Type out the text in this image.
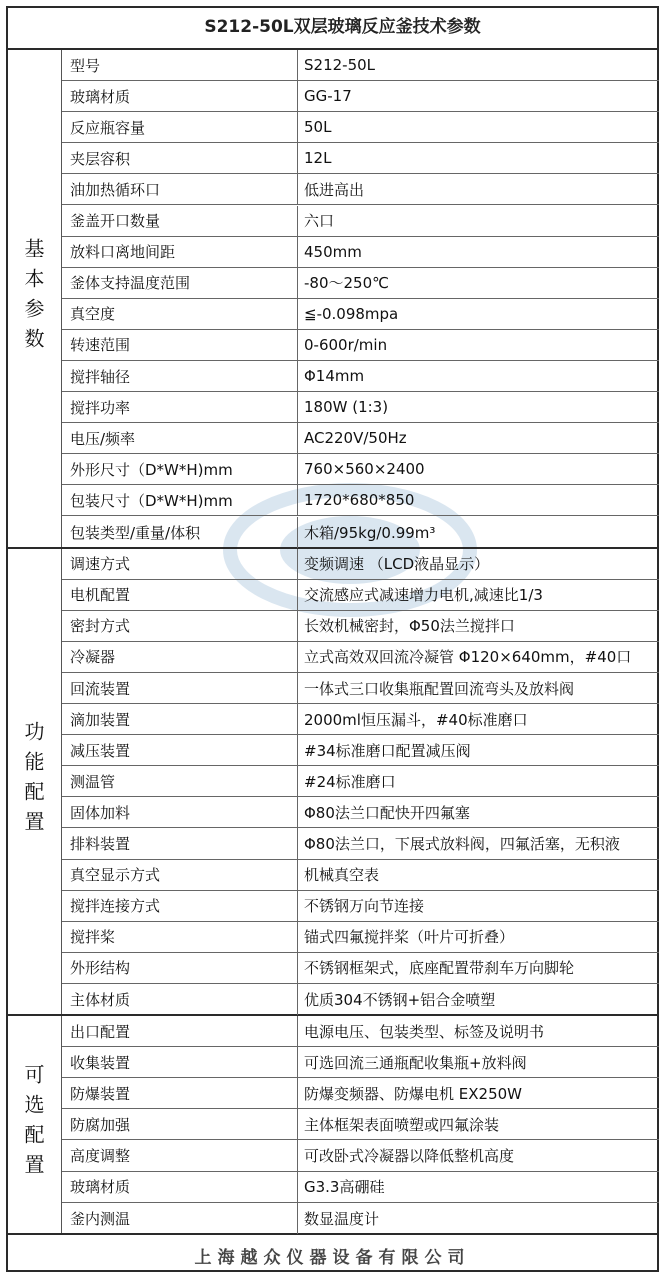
S212-50L双层玻璃反应釜技术参数
基本参数
型号	S212-50L
玻璃材质	GG-17
反应瓶容量	50L
夹层容积	12L
油加热循环口	低进高出
釜盖开口数量	六口
放料口离地间距	450mm
釜体支持温度范围	-80～250℃
真空度	≦-0.098mpa
转速范围	0-600r/min
搅拌轴径	Φ14mm
搅拌功率	180W (1:3)
电压/频率	AC220V/50Hz
外形尺寸（D*W*H)mm	760×560×2400
包装尺寸（D*W*H)mm	1720*680*850
包装类型/重量/体积	木箱/95kg/0.99m³
功能配置
调速方式	变频调速 （LCD液晶显示）
电机配置	交流感应式减速增力电机,减速比1/3
密封方式	长效机械密封，Φ50法兰搅拌口
冷凝器	立式高效双回流冷凝管 Φ120×640mm，#40口
回流装置	一体式三口收集瓶配置回流弯头及放料阀
滴加装置	2000ml恒压漏斗，#40标准磨口
减压装置	#34标准磨口配置减压阀
测温管	#24标准磨口
固体加料	Φ80法兰口配快开四氟塞
排料装置	Φ80法兰口，下展式放料阀，四氟活塞，无积液
真空显示方式	机械真空表
搅拌连接方式	不锈钢万向节连接
搅拌桨	锚式四氟搅拌桨（叶片可折叠）
外形结构	不锈钢框架式，底座配置带刹车万向脚轮
主体材质	优质304不锈钢+铝合金喷塑
可选配置
出口配置	电源电压、包装类型、标签及说明书
收集装置	可选回流三通瓶配收集瓶+放料阀
防爆装置	防爆变频器、防爆电机 EX250W
防腐加强	主体框架表面喷塑或四氟涂装
高度调整	可改卧式冷凝器以降低整机高度
玻璃材质	G3.3高硼硅
釜内测温	数显温度计
上海越众仪器设备有限公司
